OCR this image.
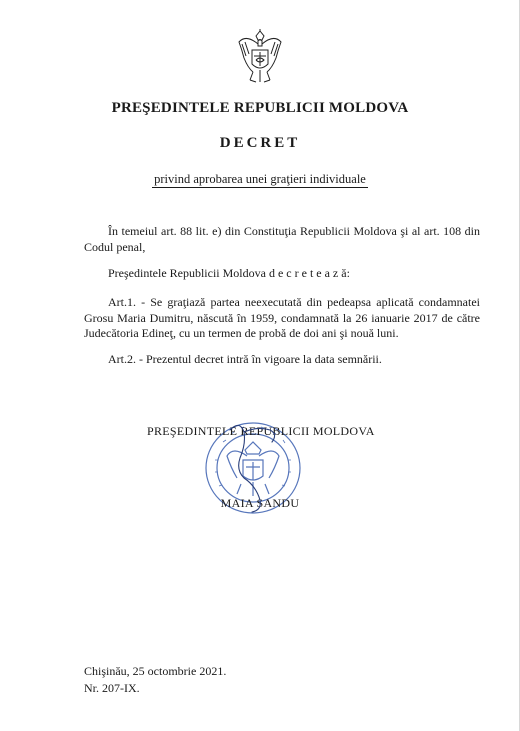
PREŞEDINTELE REPUBLICII MOLDOVA
DECRET
privind aprobarea unei graţieri individuale

În temeiul art. 88 lit. e) din Constituţia Republicii Moldova şi al art. 108 din Codul penal,

Preşedintele Republicii Moldova d e c r e t e a z ă:

Art.1. - Se graţiază partea neexecutată din pedeapsa aplicată condamnatei Grosu Maria Dumitru, născută în 1959, condamnată la 26 ianuarie 2017 de către Judecătoria Edineţ, cu un termen de probă de doi ani şi nouă luni.

Art.2. - Prezentul decret intră în vigoare la data semnării.

PREŞEDINTELE REPUBLICII MOLDOVA
MAIA SANDU
Chişinău, 25 octombrie 2021.
Nr. 207-IX.
